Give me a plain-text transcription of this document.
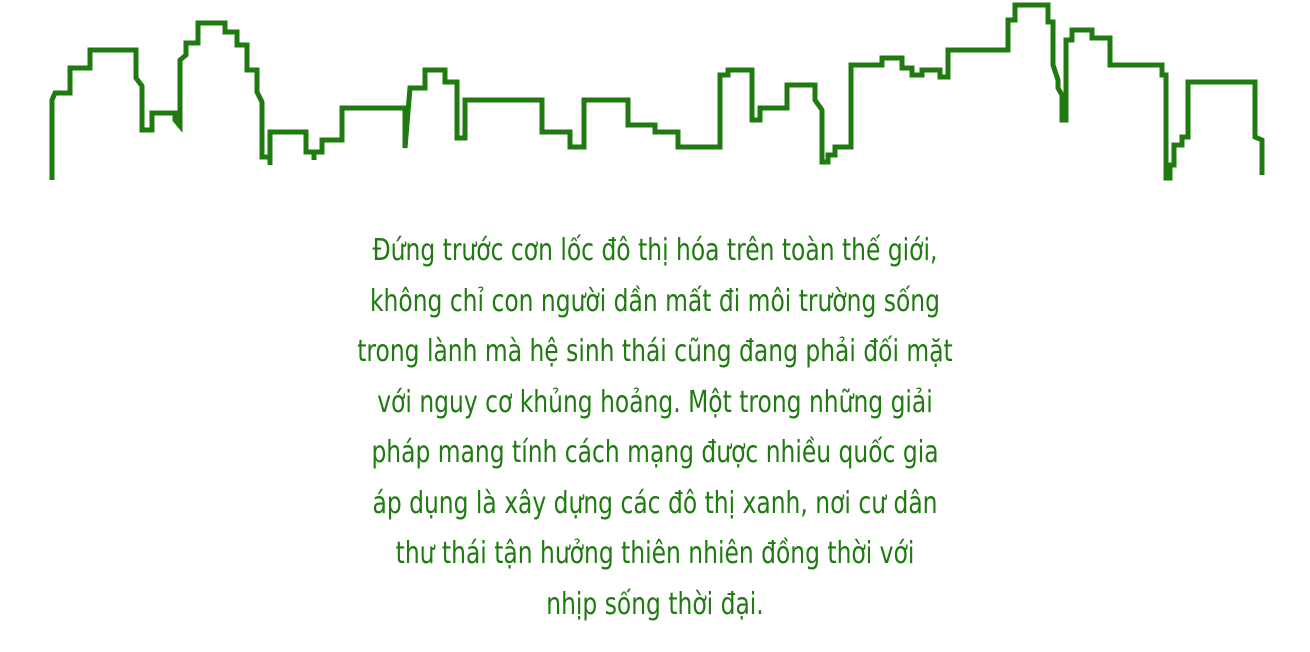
Đứng trước cơn lốc đô thị hóa trên toàn thế giới,
không chỉ con người dần mất đi môi trường sống
trong lành mà hệ sinh thái cũng đang phải đối mặt
với nguy cơ khủng hoảng. Một trong những giải
pháp mang tính cách mạng được nhiều quốc gia
áp dụng là xây dựng các đô thị xanh, nơi cư dân
thư thái tận hưởng thiên nhiên đồng thời với
nhịp sống thời đại.
